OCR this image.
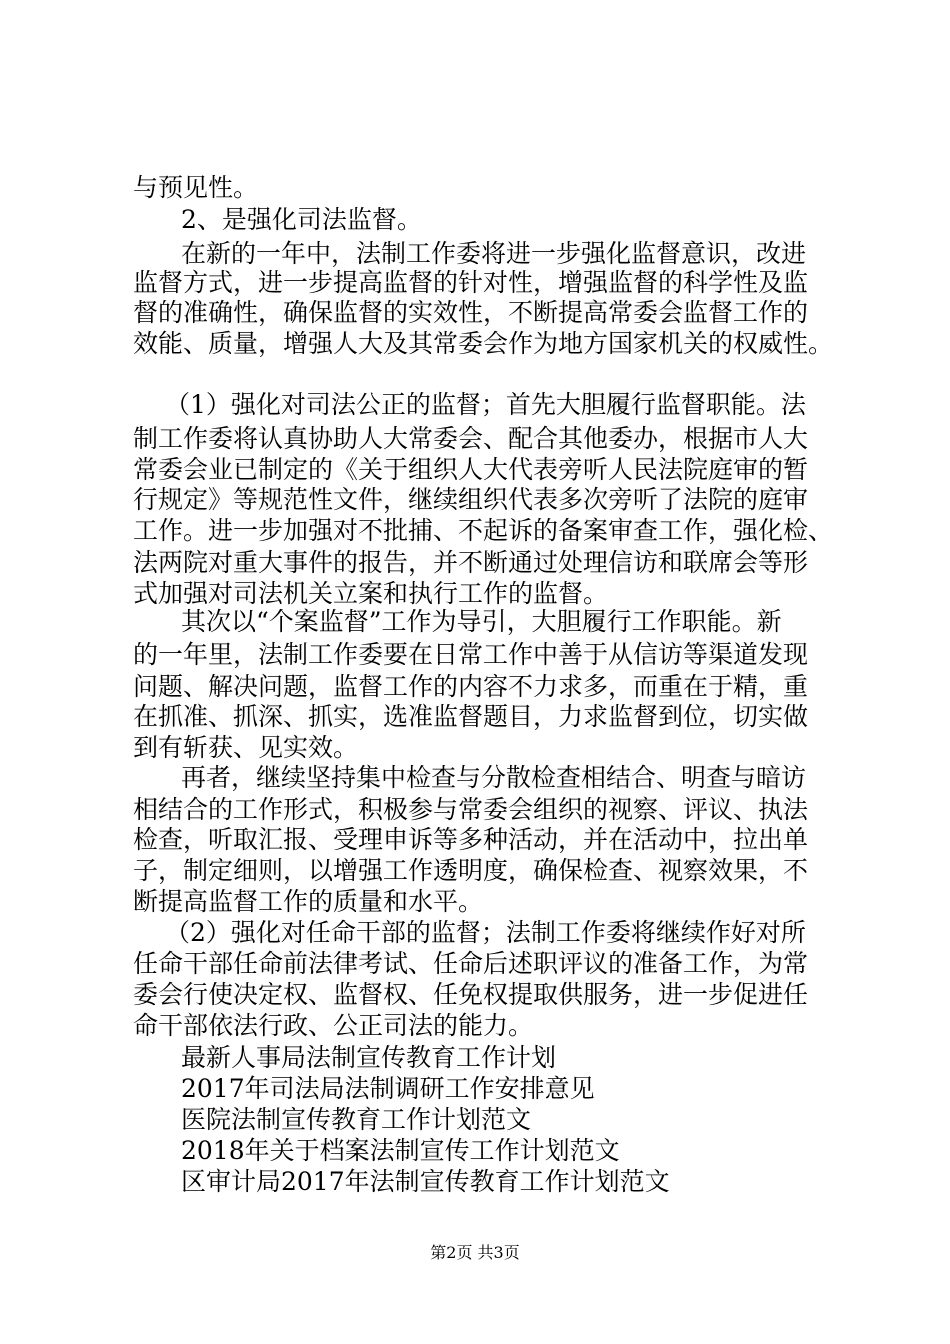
与预见性。
2、是强化司法监督。
在新的一年中，法制工作委将进一步强化监督意识，改进
监督方式，进一步提高监督的针对性，增强监督的科学性及监
督的准确性，确保监督的实效性，不断提高常委会监督工作的
效能、质量，增强人大及其常委会作为地方国家机关的权威性。
（1）强化对司法公正的监督；首先大胆履行监督职能。法
制工作委将认真协助人大常委会、配合其他委办，根据市人大
常委会业已制定的《关于组织人大代表旁听人民法院庭审的暂
行规定》等规范性文件，继续组织代表多次旁听了法院的庭审
工作。进一步加强对不批捕、不起诉的备案审查工作，强化检、
法两院对重大事件的报告，并不断通过处理信访和联席会等形
式加强对司法机关立案和执行工作的监督。
其次以“个案监督”工作为导引，大胆履行工作职能。新
的一年里，法制工作委要在日常工作中善于从信访等渠道发现
问题、解决问题，监督工作的内容不力求多，而重在于精，重
在抓准、抓深、抓实，选准监督题目，力求监督到位，切实做
到有斩获、见实效。
再者，继续坚持集中检查与分散检查相结合、明查与暗访
相结合的工作形式，积极参与常委会组织的视察、评议、执法
检查，听取汇报、受理申诉等多种活动，并在活动中，拉出单
子，制定细则，以增强工作透明度，确保检查、视察效果，不
断提高监督工作的质量和水平。
（2）强化对任命干部的监督；法制工作委将继续作好对所
任命干部任命前法律考试、任命后述职评议的准备工作，为常
委会行使决定权、监督权、任免权提取供服务，进一步促进任
命干部依法行政、公正司法的能力。
最新人事局法制宣传教育工作计划
2017年司法局法制调研工作安排意见
医院法制宣传教育工作计划范文
2018年关于档案法制宣传工作计划范文
区审计局2017年法制宣传教育工作计划范文
第2页 共3页
